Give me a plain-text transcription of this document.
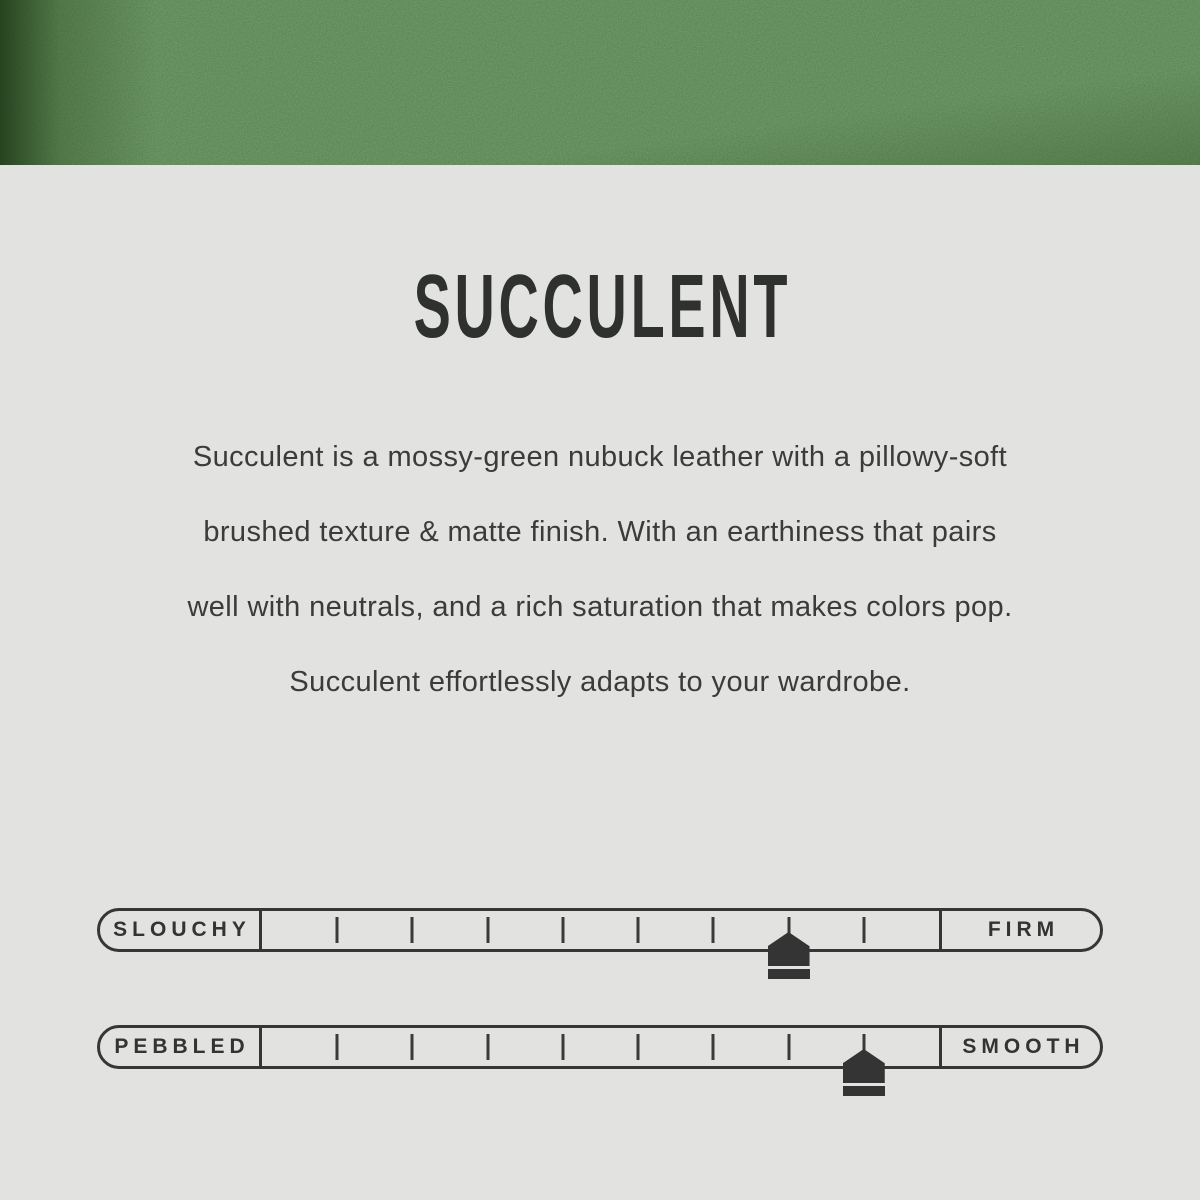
SUCCULENT
Succulent is a mossy-green nubuck leather with a pillowy-soft
brushed texture & matte finish. With an earthiness that pairs
well with neutrals, and a rich saturation that makes colors pop.
Succulent effortlessly adapts to your wardrobe.
SLOUCHY	FIRM
PEBBLED	SMOOTH
